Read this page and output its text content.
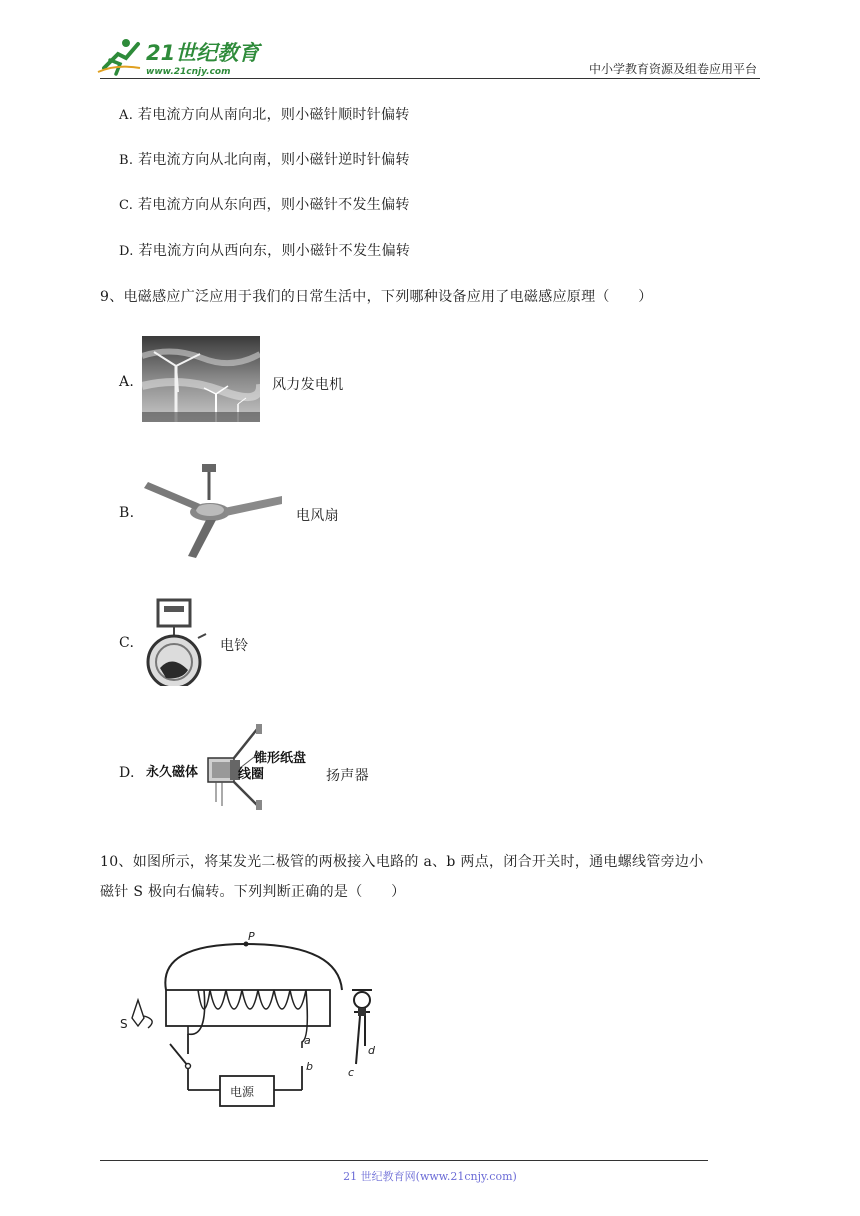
21世纪教育
www.21cnjy.com	中小学教育资源及组卷应用平台
A. 若电流方向从南向北，则小磁针顺时针偏转
B. 若电流方向从北向南，则小磁针逆时针偏转
C. 若电流方向从东向西，则小磁针不发生偏转
D. 若电流方向从西向东，则小磁针不发生偏转
9、电磁感应广泛应用于我们的日常生活中，下列哪种设备应用了电磁感应原理（　　）
A.	风力发电机
B.	电风扇
C.	电铃
D. 永久磁体
锥形纸盘
线圈	扬声器
10、如图所示，将某发光二极管的两极接入电路的 a、b 两点，闭合开关时，通电螺线管旁边小
磁针 S 极向右偏转。下列判断正确的是（　　）
P
S
电源
a
b
d
c
21 世纪教育网(www.21cnjy.com)
